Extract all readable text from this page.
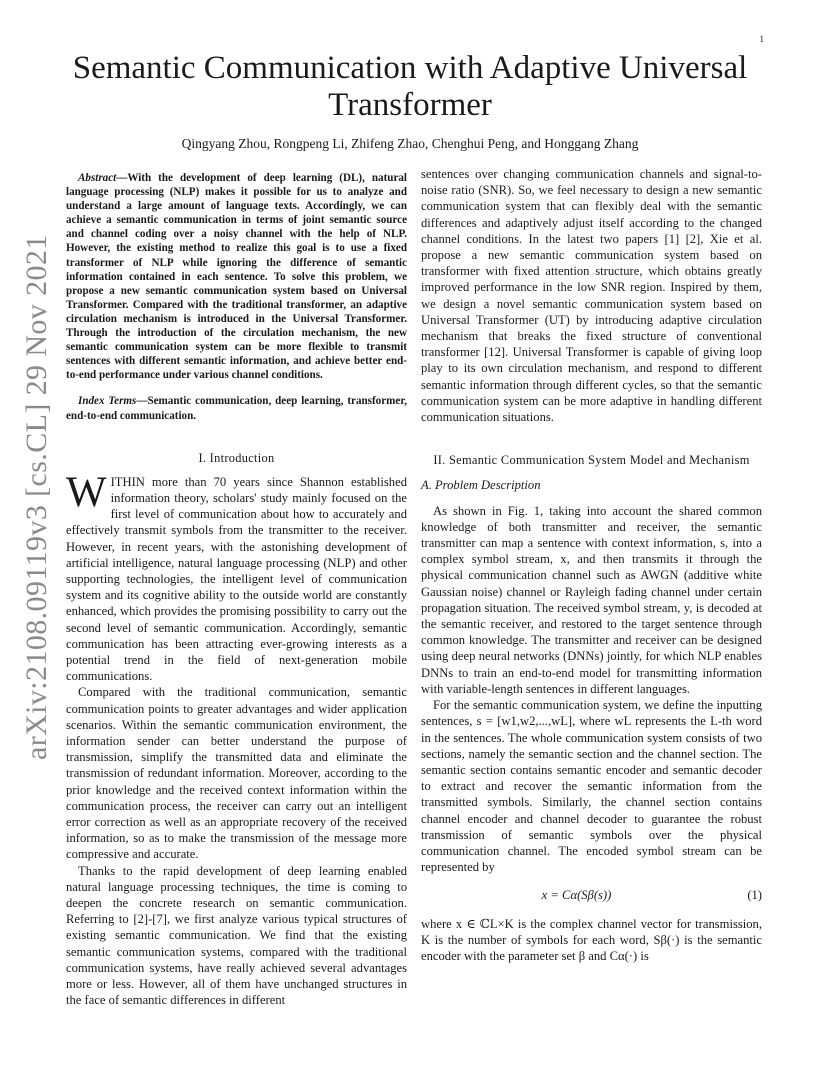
1
arXiv:2108.09119v3 [cs.CL] 29 Nov 2021
Semantic Communication with Adaptive Universal Transformer
Qingyang Zhou, Rongpeng Li, Zhifeng Zhao, Chenghui Peng, and Honggang Zhang

Abstract—With the development of deep learning (DL), natural language processing (NLP) makes it possible for us to analyze and understand a large amount of language texts. Accordingly, we can achieve a semantic communication in terms of joint semantic source and channel coding over a noisy channel with the help of NLP. However, the existing method to realize this goal is to use a fixed transformer of NLP while ignoring the difference of semantic information contained in each sentence. To solve this problem, we propose a new semantic communication system based on Universal Transformer. Compared with the traditional transformer, an adaptive circulation mechanism is introduced in the Universal Transformer. Through the introduction of the circulation mechanism, the new semantic communication system can be more flexible to transmit sentences with different semantic information, and achieve better end-to-end performance under various channel conditions.

Index Terms—Semantic communication, deep learning, transformer, end-to-end communication.

I. Introduction

WITHIN more than 70 years since Shannon established information theory, scholars' study mainly focused on the first level of communication about how to accurately and effectively transmit symbols from the transmitter to the receiver. However, in recent years, with the astonishing development of artificial intelligence, natural language processing (NLP) and other supporting technologies, the intelligent level of communication system and its cognitive ability to the outside world are constantly enhanced, which provides the promising possibility to carry out the second level of semantic communication. Accordingly, semantic communication has been attracting ever-growing interests as a potential trend in the field of next-generation mobile communications.

Compared with the traditional communication, semantic communication points to greater advantages and wider application scenarios. Within the semantic communication environment, the information sender can better understand the purpose of transmission, simplify the transmitted data and eliminate the transmission of redundant information. Moreover, according to the prior knowledge and the received context information within the communication process, the receiver can carry out an intelligent error correction as well as an appropriate recovery of the received information, so as to make the transmission of the message more compressive and accurate.

Thanks to the rapid development of deep learning enabled natural language processing techniques, the time is coming to deepen the concrete research on semantic communication. Referring to [2]-[7], we first analyze various typical structures of existing semantic communication. We find that the existing semantic communication systems, compared with the traditional communication systems, have really achieved several advantages more or less. However, all of them have unchanged structures in the face of semantic differences in different

sentences over changing communication channels and signal-to-noise ratio (SNR). So, we feel necessary to design a new semantic communication system that can flexibly deal with the semantic differences and adaptively adjust itself according to the changed channel conditions. In the latest two papers [1] [2], Xie et al. propose a new semantic communication system based on transformer with fixed attention structure, which obtains greatly improved performance in the low SNR region. Inspired by them, we design a novel semantic communication system based on Universal Transformer (UT) by introducing adaptive circulation mechanism that breaks the fixed structure of conventional transformer [12]. Universal Transformer is capable of giving loop play to its own circulation mechanism, and respond to different semantic information through different cycles, so that the semantic communication system can be more adaptive in handling different communication situations.

II. Semantic Communication System Model and Mechanism

A. Problem Description

As shown in Fig. 1, taking into account the shared common knowledge of both transmitter and receiver, the semantic transmitter can map a sentence with context information, s, into a complex symbol stream, x, and then transmits it through the physical communication channel such as AWGN (additive white Gaussian noise) channel or Rayleigh fading channel under certain propagation situation. The received symbol stream, y, is decoded at the semantic receiver, and restored to the target sentence through common knowledge. The transmitter and receiver can be designed using deep neural networks (DNNs) jointly, for which NLP enables DNNs to train an end-to-end model for transmitting information with variable-length sentences in different languages.

For the semantic communication system, we define the inputting sentences, s = [w1,w2,...,wL], where wL represents the L-th word in the sentences. The whole communication system consists of two sections, namely the semantic section and the channel section. The semantic section contains semantic encoder and semantic decoder to extract and recover the semantic information from the transmitted symbols. Similarly, the channel section contains channel encoder and channel decoder to guarantee the robust transmission of semantic symbols over the physical communication channel. The encoded symbol stream can be represented by

x = Cα(Sβ(s))	(1)

where x ∈ ℂL×K is the complex channel vector for transmission, K is the number of symbols for each word, Sβ(·) is the semantic encoder with the parameter set β and Cα(·) is
